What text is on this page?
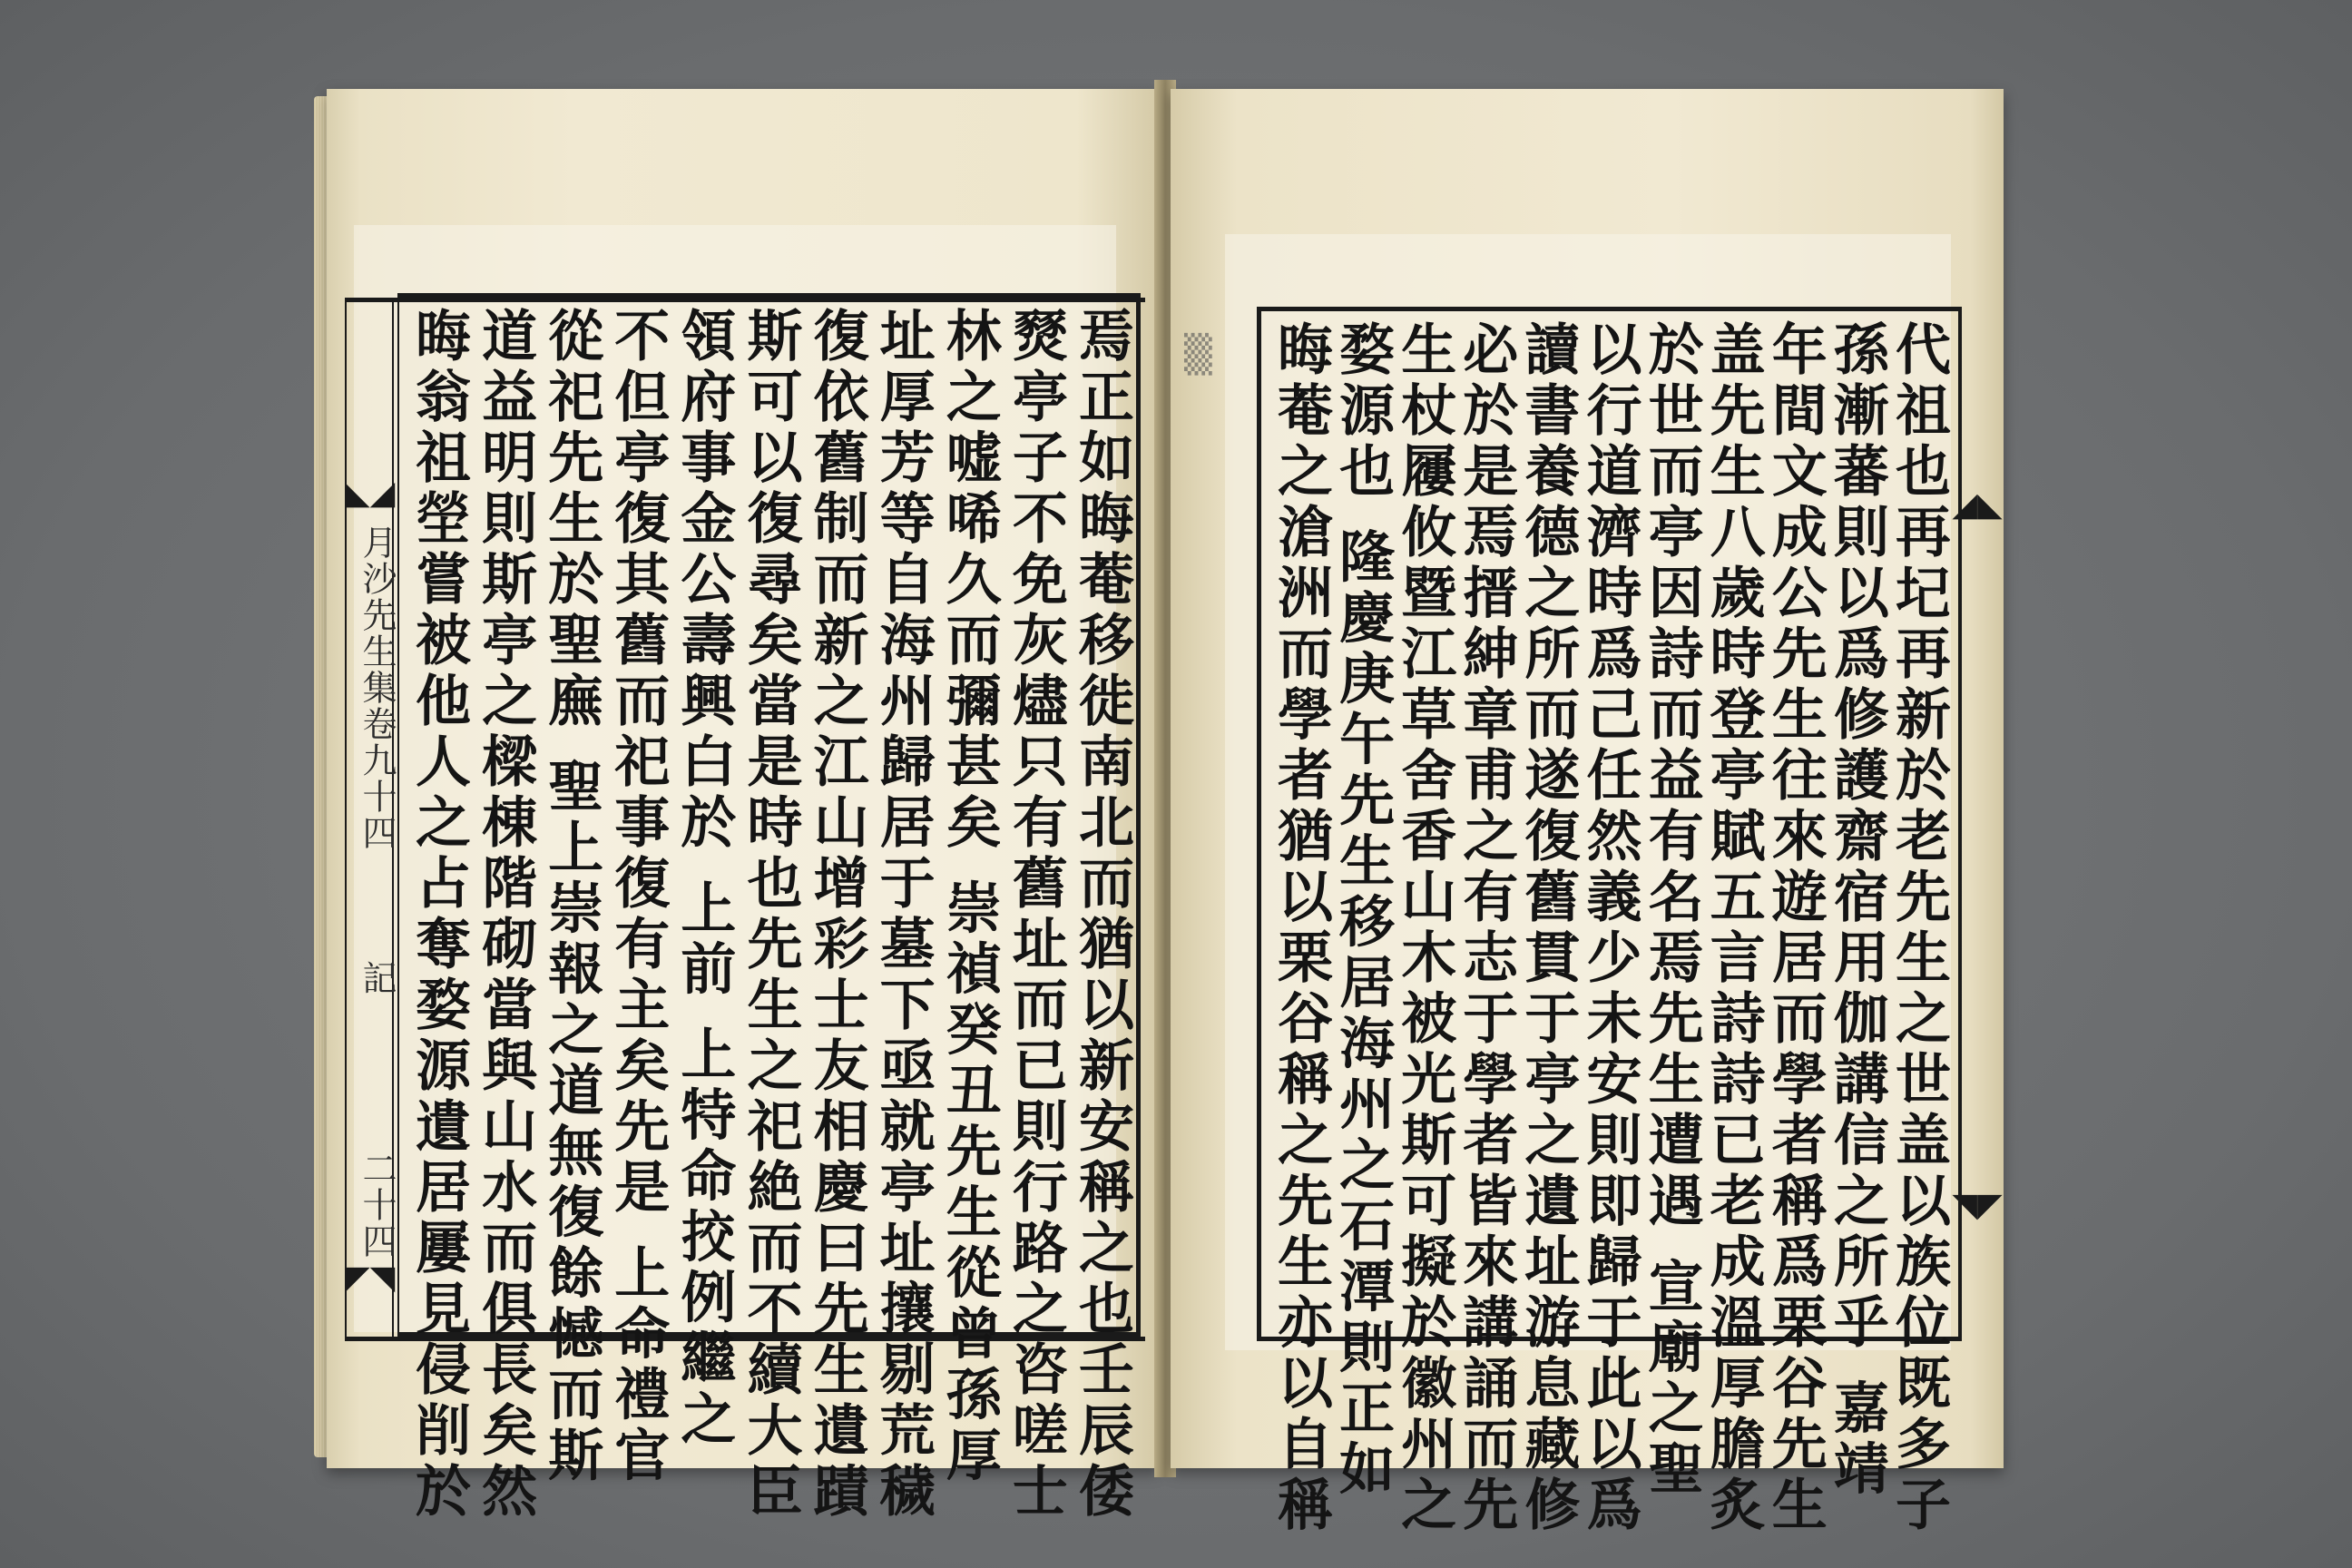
◣◢
月沙先生集卷九十四
記
二十四
◤◥	焉正如晦菴移徙南北而猶以新安稱之也壬辰倭
燹亭子不免灰燼只有舊址而已則行路之咨嗟士
林之嘘唏久而彌甚矣 崇禎癸丑先生從曾孫厚
址厚芳等自海州歸居于墓下亟就亭址攘剔荒穢
復依舊制而新之江山增彩士友相慶曰先生遺蹟
斯可以復尋矣當是時也先生之祀絶而不續大臣
領府事金公壽興白於 上前 上特命挍例繼之
不但亭復其舊而祀事復有主矣先是 上命禮官
從祀先生於聖廡 聖上崇報之道無復餘憾而斯
道益明則斯亭之樑棟階砌當與山水而俱長矣然
晦翁祖塋嘗被他人之占奪婺源遺居屢見侵削於	▒
◢◣
◥◤
代祖也再圮再新於老先生之世盖以族位既多子
孫漸蕃則以爲修護齋宿用伽講信之所乎 嘉靖
年間文成公先生往來遊居而學者稱爲栗谷先生
盖先生八歲時登亭賦五言詩詩已老成溫厚膽炙
於世而亭因詩而益有名焉先生遭遇 宣廟之聖
以行道濟時爲己任然義少未安則即歸于此以爲
讀書養德之所而遂復舊貫于亭之遺址游息藏修
必於是焉搢紳章甫之有志于學者皆來講誦而先
生杖屨攸暨江草舍香山木被光斯可擬於徽州之
婺源也 隆慶庚午先生移居海州之石潭則正如
晦菴之滄洲而學者猶以栗谷稱之先生亦以自稱
